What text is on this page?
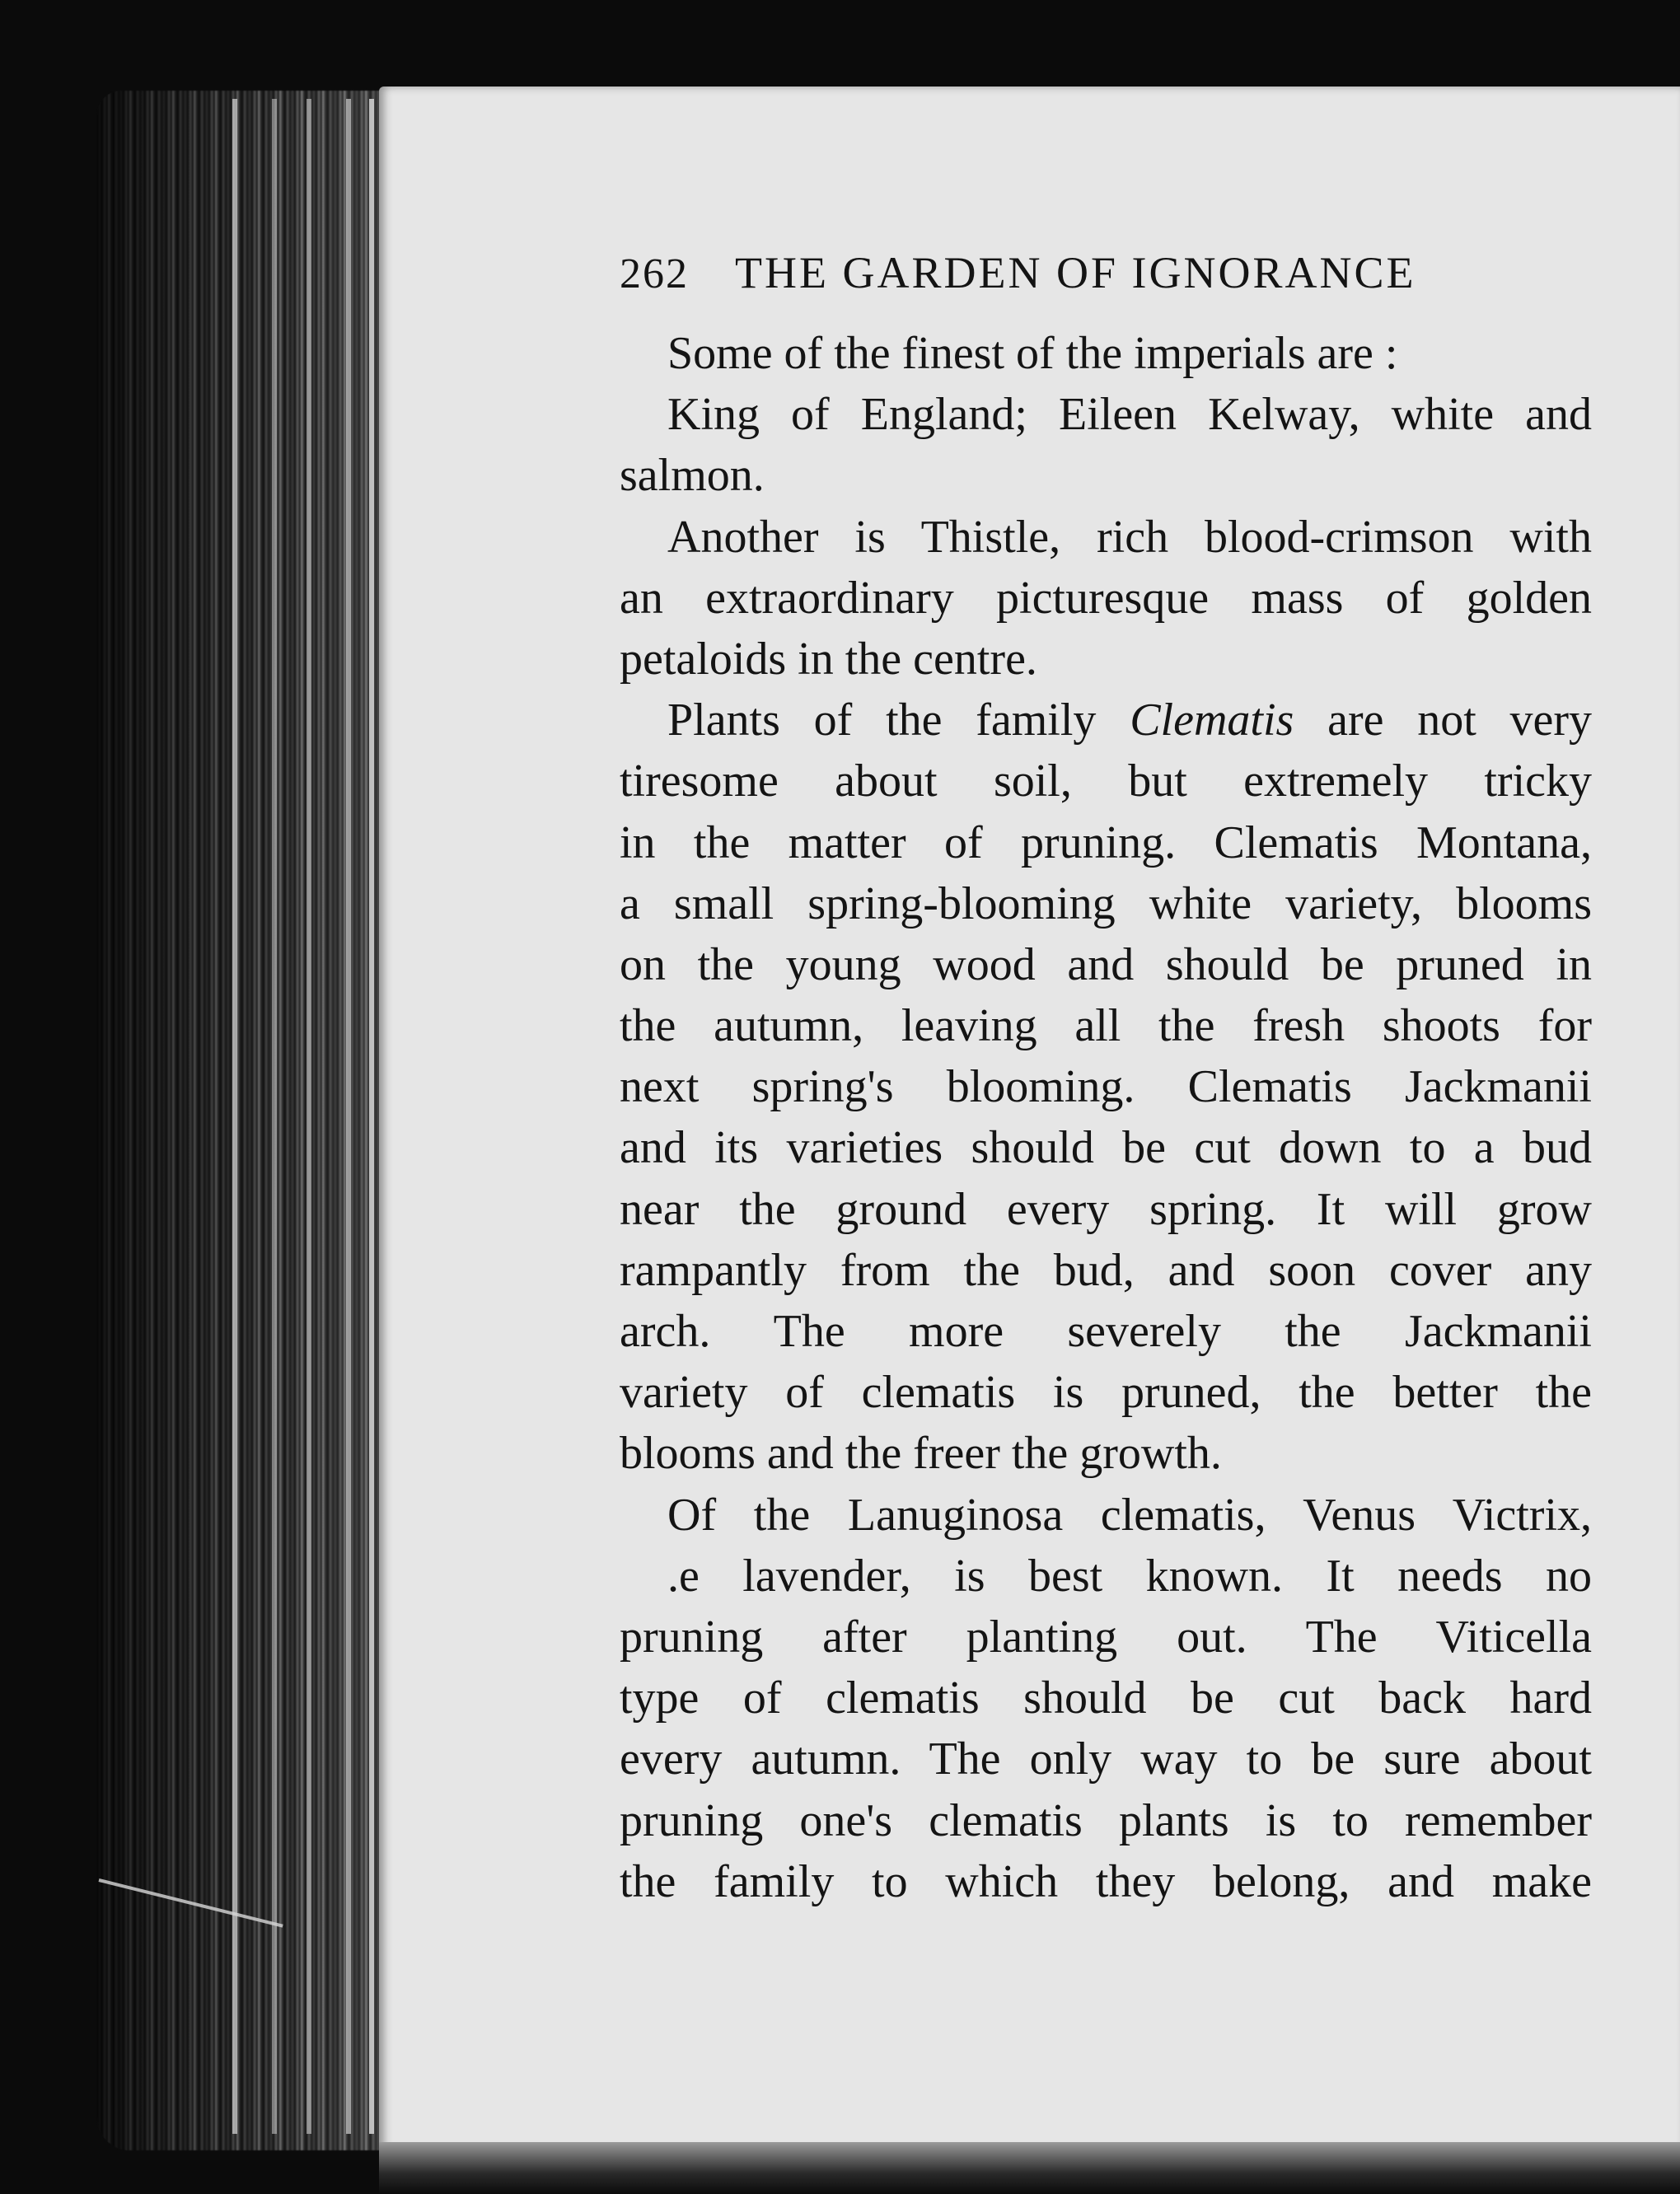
262	THE GARDEN OF IGNORANCE
Some of the finest of the imperials are :
King of England; Eileen Kelway, white and
salmon.
Another is Thistle, rich blood-crimson with
an extraordinary picturesque mass of golden
petaloids in the centre.
Plants of the family Clematis are not very
tiresome about soil, but extremely tricky
in the matter of pruning. Clematis Montana,
a small spring-blooming white variety, blooms
on the young wood and should be pruned in
the autumn, leaving all the fresh shoots for
next spring's blooming. Clematis Jackmanii
and its varieties should be cut down to a bud
near the ground every spring. It will grow
rampantly from the bud, and soon cover any
arch. The more severely the Jackmanii
variety of clematis is pruned, the better the
blooms and the freer the growth.
Of the Lanuginosa clematis, Venus Victrix,
.e lavender, is best known. It needs no
pruning after planting out. The Viticella
type of clematis should be cut back hard
every autumn. The only way to be sure about
pruning one's clematis plants is to remember
the family to which they belong, and make
